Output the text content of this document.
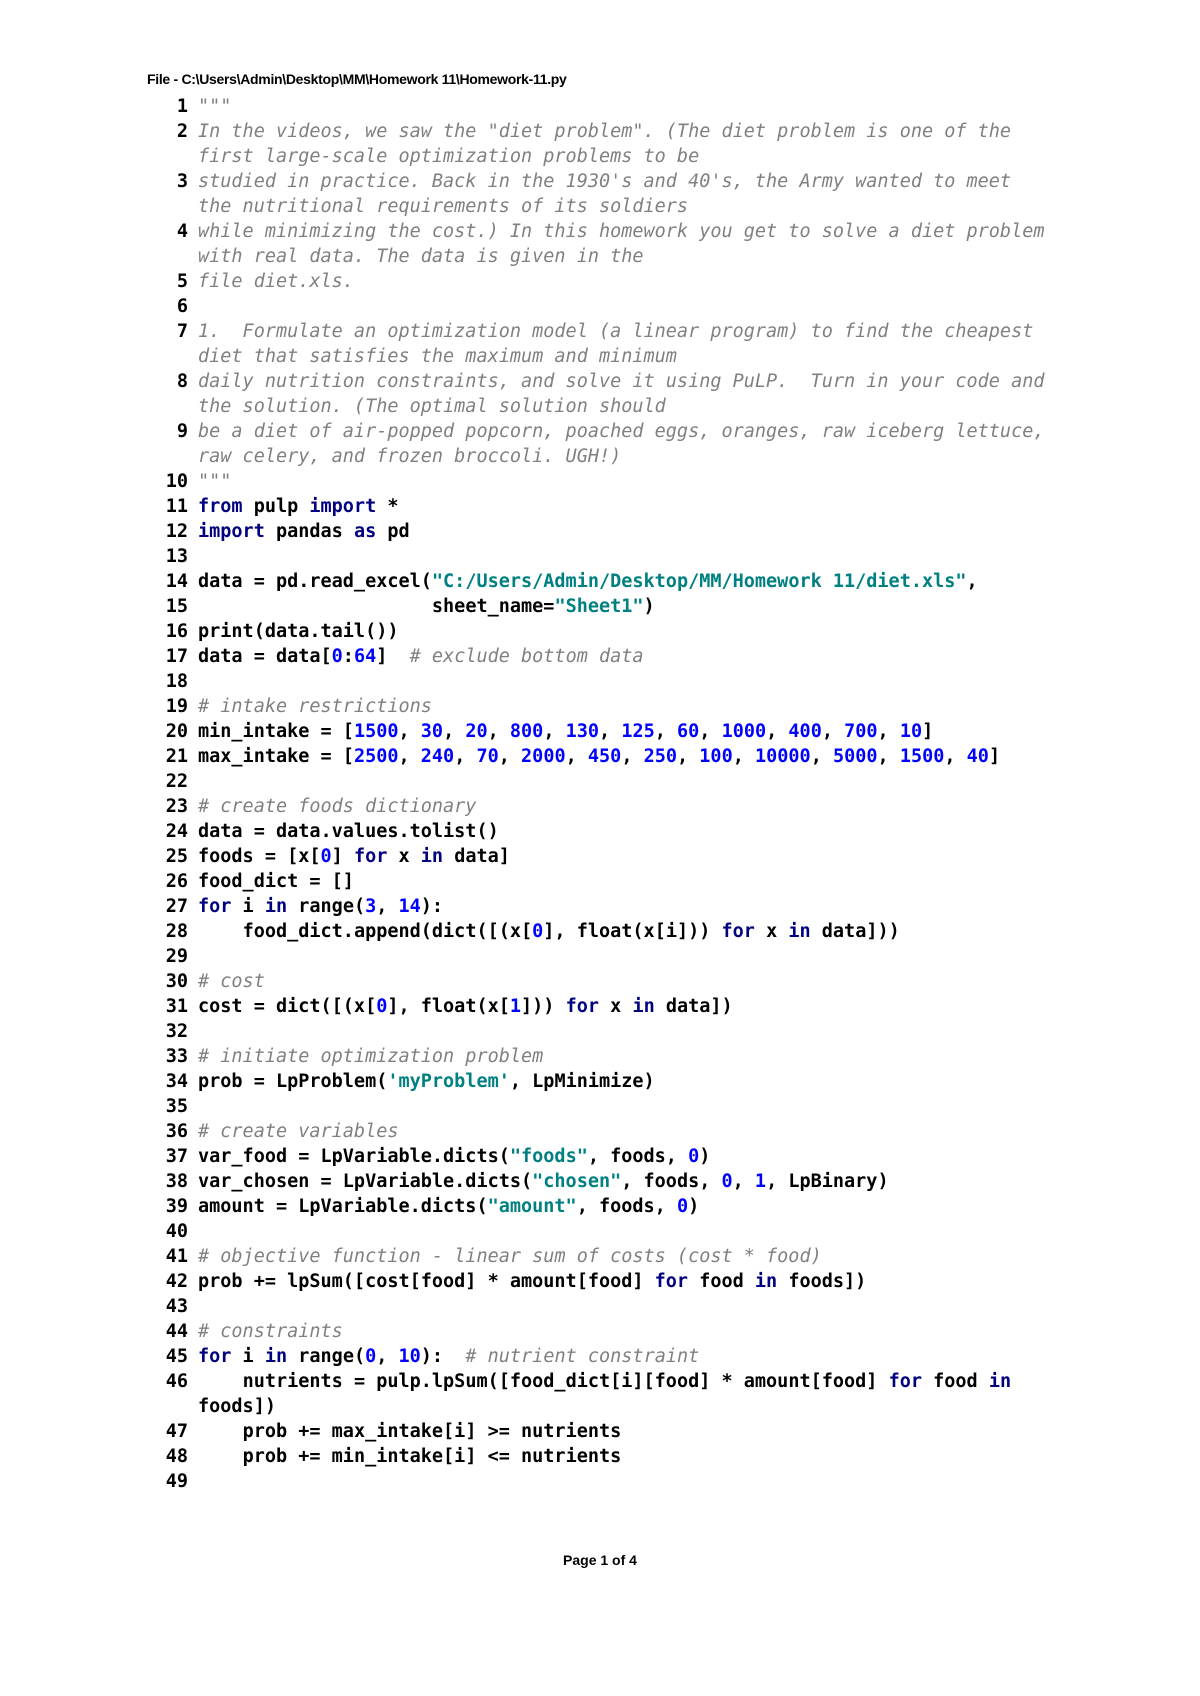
File - C:\Users\Admin\Desktop\MM\Homework 11\Homework-11.py
1 """
2 In the videos, we saw the "diet problem". (The diet problem is one of the first large-scale optimization problems to be
3 studied in practice. Back in the 1930's and 40's, the Army wanted to meet the nutritional requirements of its soldiers
4 while minimizing the cost.) In this homework you get to solve a diet problem with real data. The data is given in the
5 file diet.xls.
6

7 1.  Formulate an optimization model (a linear program) to find the cheapest diet that satisfies the maximum and minimum
8 daily nutrition constraints, and solve it using PuLP.  Turn in your code and the solution. (The optimal solution should
9 be a diet of air-popped popcorn, poached eggs, oranges, raw iceberg lettuce, raw celery, and frozen broccoli. UGH!)
10 """
11 from pulp import *
12 import pandas as pd
13

14 data = pd.read_excel("C:/Users/Admin/Desktop/MM/Homework 11/diet.xls",
15 sheet_name="Sheet1")
16 print(data.tail())
17 data = data[0:64]  # exclude bottom data
18

19 # intake restrictions
20 min_intake = [1500, 30, 20, 800, 130, 125, 60, 1000, 400, 700, 10]
21 max_intake = [2500, 240, 70, 2000, 450, 250, 100, 10000, 5000, 1500, 40]
22

23 # create foods dictionary
24 data = data.values.tolist()
25 foods = [x[0] for x in data]
26 food_dict = []
27 for i in range(3, 14):
28 food_dict.append(dict([(x[0], float(x[i])) for x in data]))
29

30 # cost
31 cost = dict([(x[0], float(x[1])) for x in data])
32

33 # initiate optimization problem
34 prob = LpProblem('myProblem', LpMinimize)
35

36 # create variables
37 var_food = LpVariable.dicts("foods", foods, 0)
38 var_chosen = LpVariable.dicts("chosen", foods, 0, 1, LpBinary)
39 amount = LpVariable.dicts("amount", foods, 0)
40

41 # objective function - linear sum of costs (cost * food)
42 prob += lpSum([cost[food] * amount[food] for food in foods])
43

44 # constraints
45 for i in range(0, 10):  # nutrient constraint
46 nutrients = pulp.lpSum([food_dict[i][food] * amount[food] for food in foods])
47 prob += max_intake[i] >= nutrients
48 prob += min_intake[i] <= nutrients
49

Page 1 of 4
